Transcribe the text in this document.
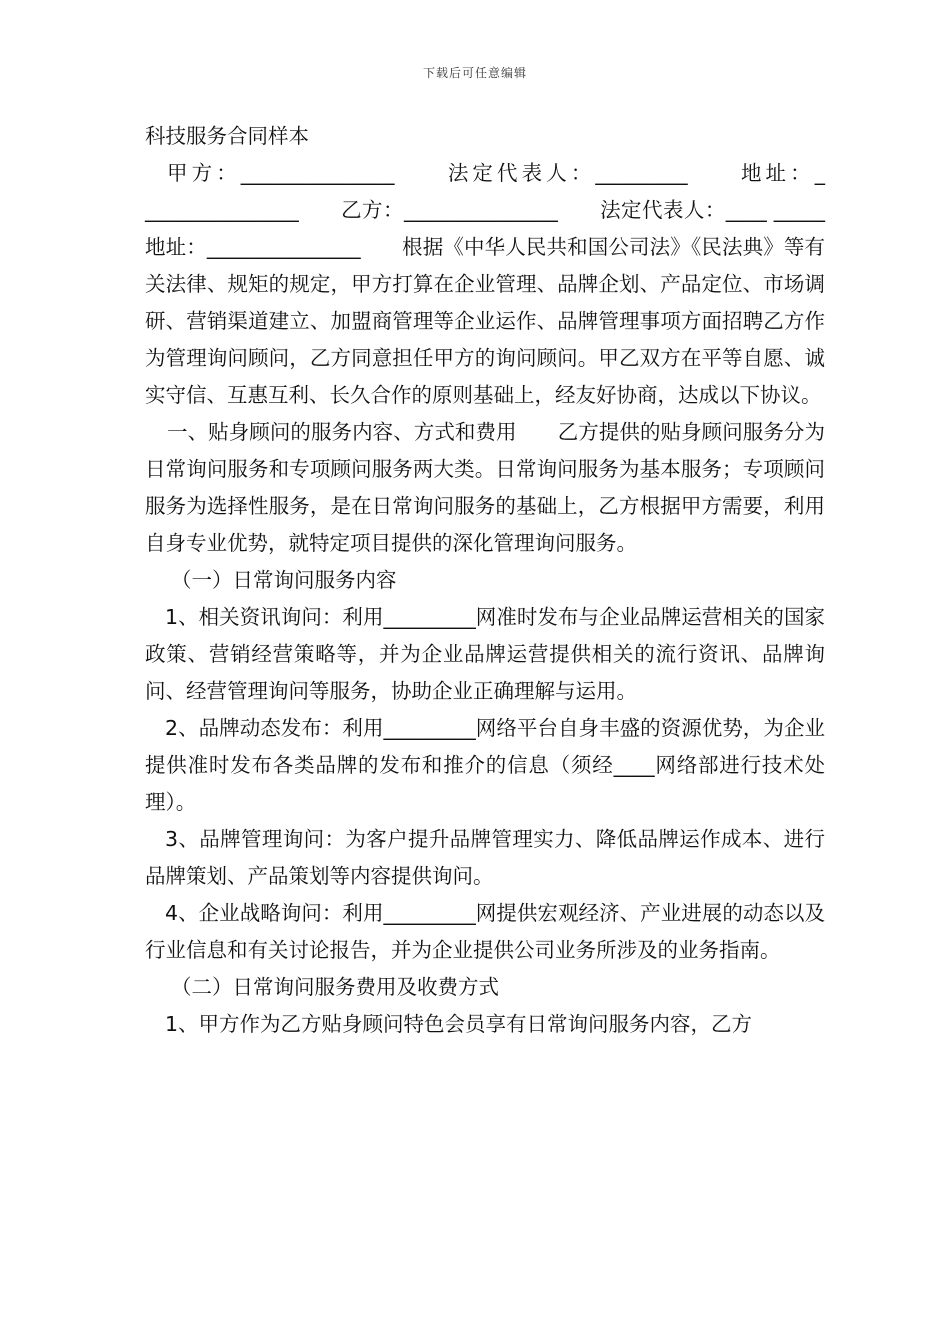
下载后可任意编辑

科技服务合同样本

甲方：_______________　　法定代表人：_________　　地址：_ _______________　　乙方：_______________　　法定代表人：____ _____　　地址：_______________　　根据《中华人民共和国公司法》《民法典》等有关法律、规矩的规定，甲方打算在企业管理、品牌企划、产品定位、市场调研、营销渠道建立、加盟商管理等企业运作、品牌管理事项方面招聘乙方作为管理询问顾问，乙方同意担任甲方的询问顾问。甲乙双方在平等自愿、诚实守信、互惠互利、长久合作的原则基础上，经友好协商，达成以下协议。

一、贴身顾问的服务内容、方式和费用　　乙方提供的贴身顾问服务分为日常询问服务和专项顾问服务两大类。日常询问服务为基本服务；专项顾问服务为选择性服务，是在日常询问服务的基础上，乙方根据甲方需要，利用自身专业优势，就特定项目提供的深化管理询问服务。

（一）日常询问服务内容

1、相关资讯询问：利用_________网准时发布与企业品牌运营相关的国家政策、营销经营策略等，并为企业品牌运营提供相关的流行资讯、品牌询问、经营管理询问等服务，协助企业正确理解与运用。

2、品牌动态发布：利用_________网络平台自身丰盛的资源优势，为企业提供准时发布各类品牌的发布和推介的信息（须经____网络部进行技术处理）。

3、品牌管理询问：为客户提升品牌管理实力、降低品牌运作成本、进行品牌策划、产品策划等内容提供询问。

4、企业战略询问：利用_________网提供宏观经济、产业进展的动态以及行业信息和有关讨论报告，并为企业提供公司业务所涉及的业务指南。

（二）日常询问服务费用及收费方式

1、甲方作为乙方贴身顾问特色会员享有日常询问服务内容，乙方
